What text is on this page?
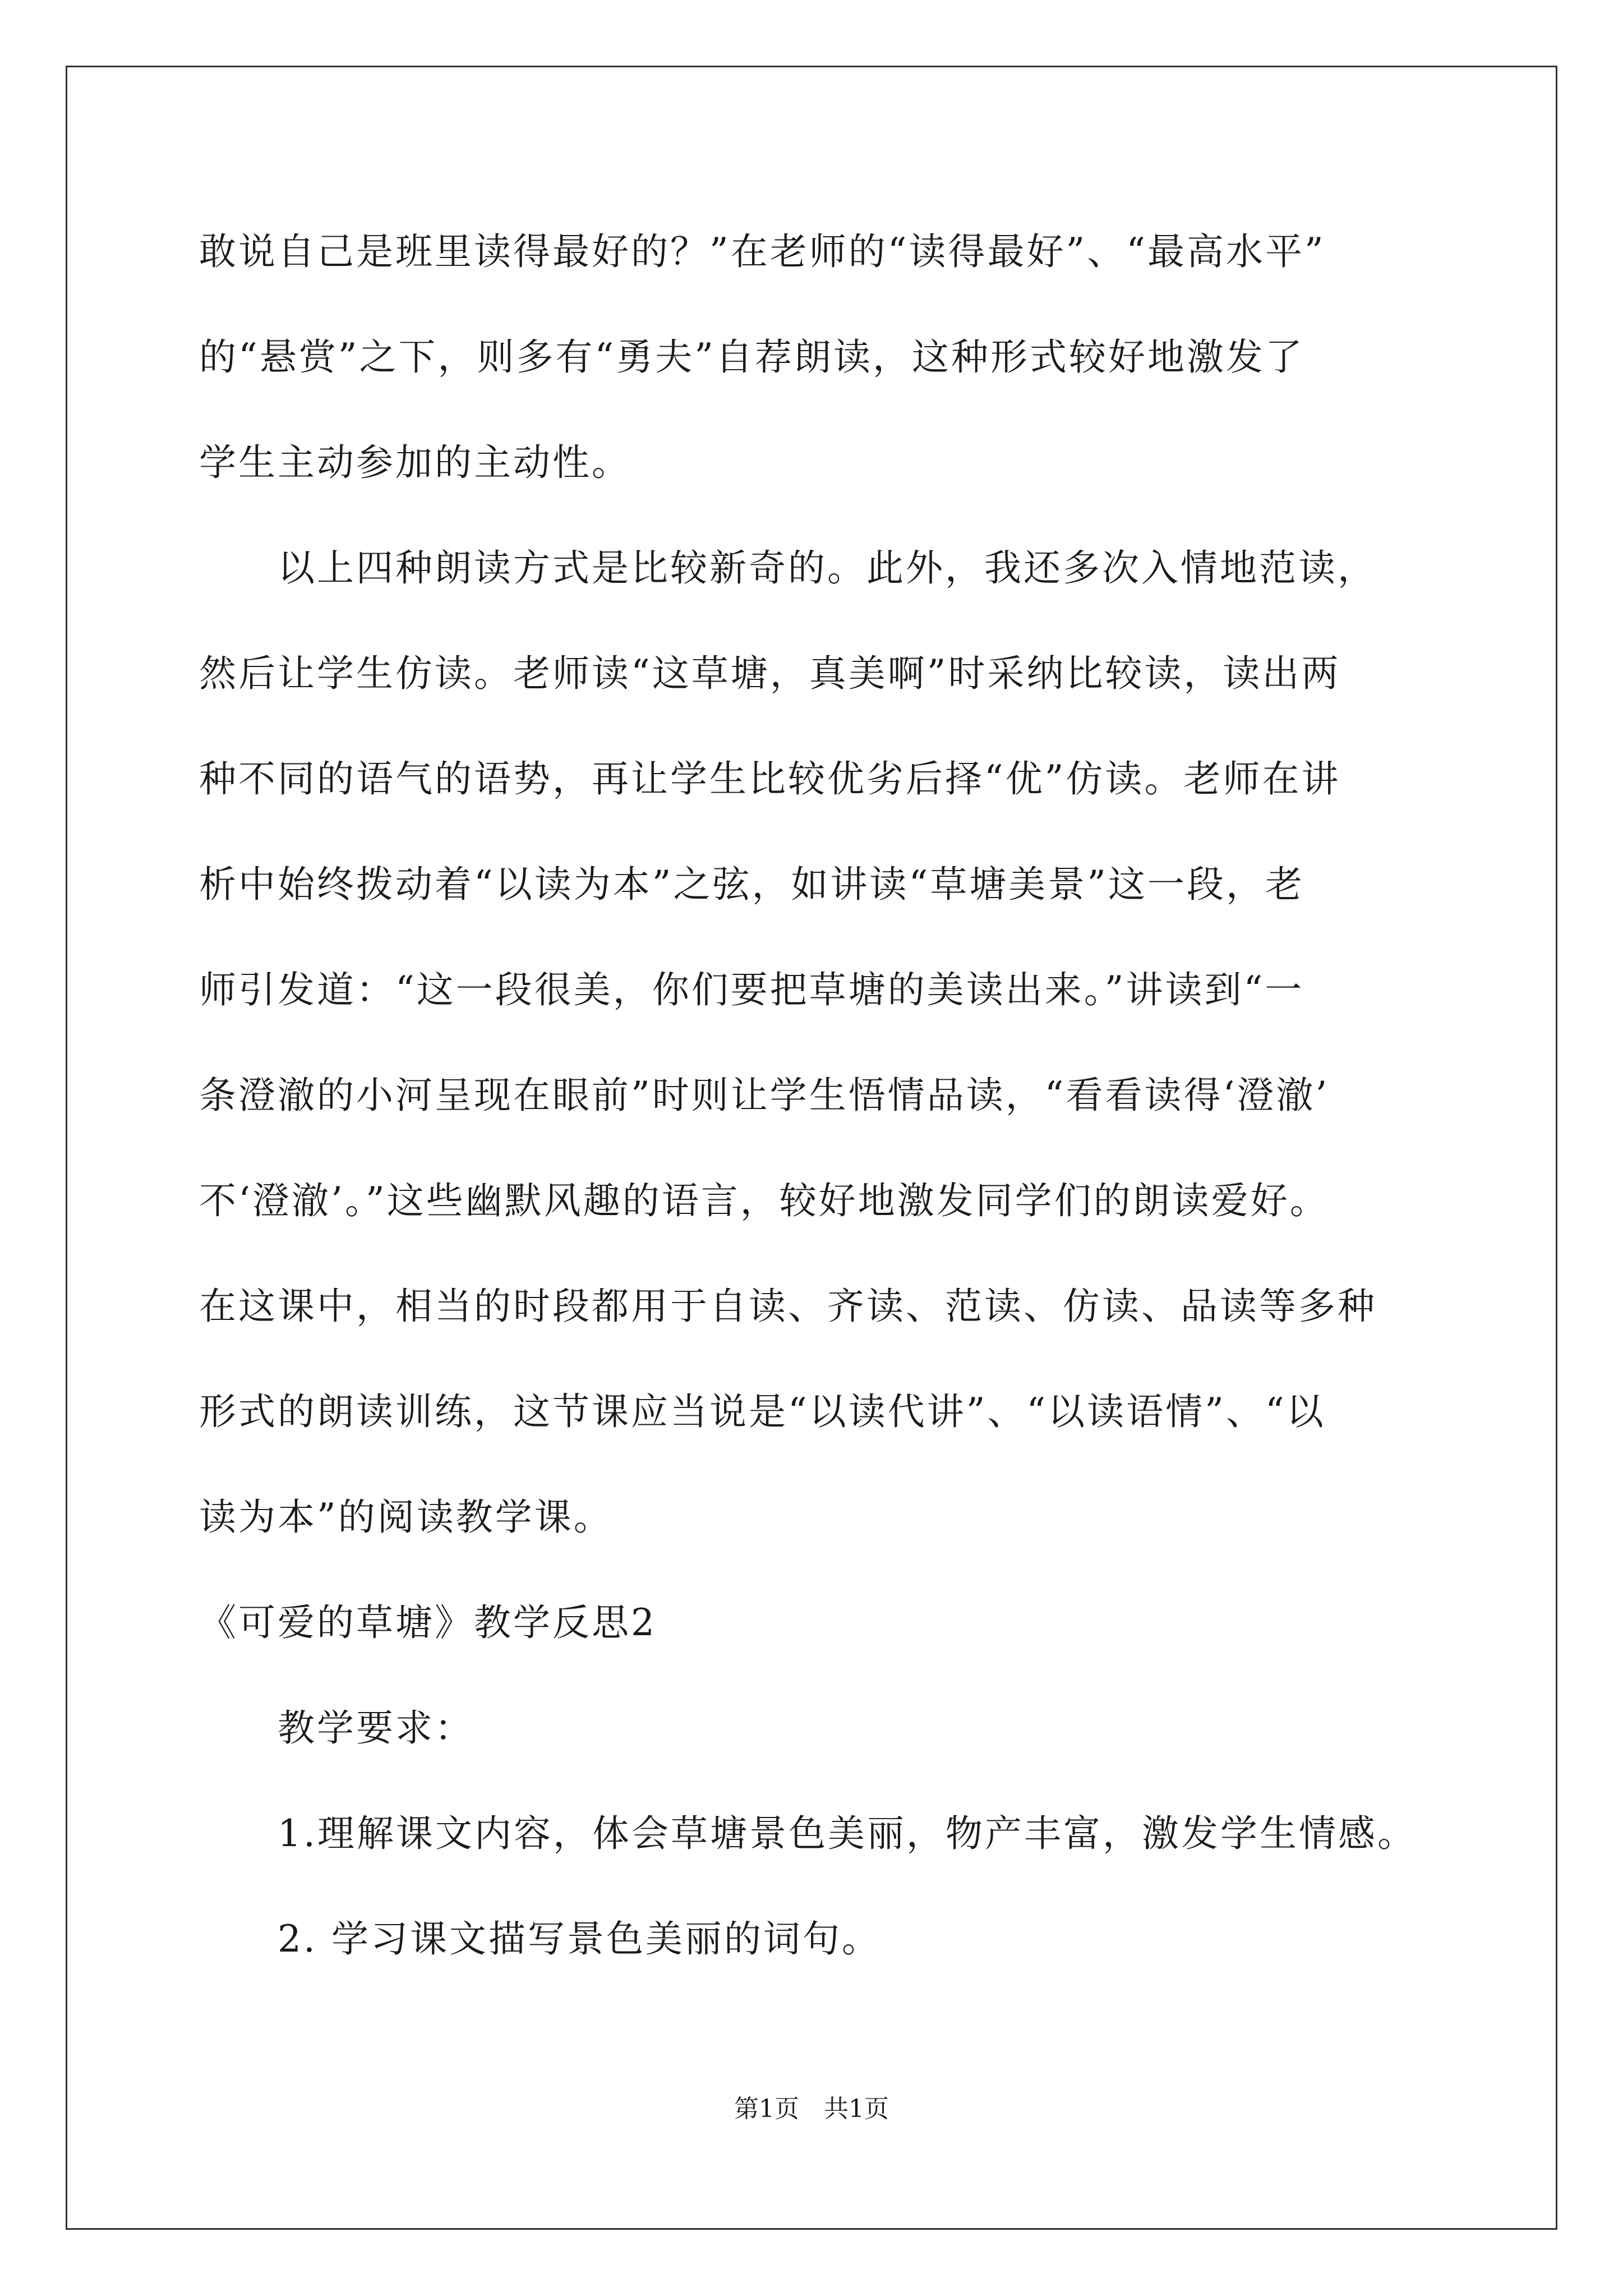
敢说自己是班里读得最好的？”在老师的“读得最好”、“最高水平”
的“悬赏”之下，则多有“勇夫”自荐朗读，这种形式较好地激发了
学生主动参加的主动性。
以上四种朗读方式是比较新奇的。此外，我还多次入情地范读，
然后让学生仿读。老师读“这草塘，真美啊”时采纳比较读，读出两
种不同的语气的语势，再让学生比较优劣后择“优”仿读。老师在讲
析中始终拨动着“以读为本”之弦，如讲读“草塘美景”这一段，老
师引发道：“这一段很美，你们要把草塘的美读出来。”讲读到“一
条澄澈的小河呈现在眼前”时则让学生悟情品读，“看看读得‘澄澈’
不‘澄澈’。”这些幽默风趣的语言，较好地激发同学们的朗读爱好。
在这课中，相当的时段都用于自读、齐读、范读、仿读、品读等多种
形式的朗读训练，这节课应当说是“以读代讲”、“以读语情”、“以
读为本”的阅读教学课。
《可爱的草塘》教学反思2
教学要求：
1.理解课文内容，体会草塘景色美丽，物产丰富，激发学生情感。
2. 学习课文描写景色美丽的词句。
第1页　共1页
